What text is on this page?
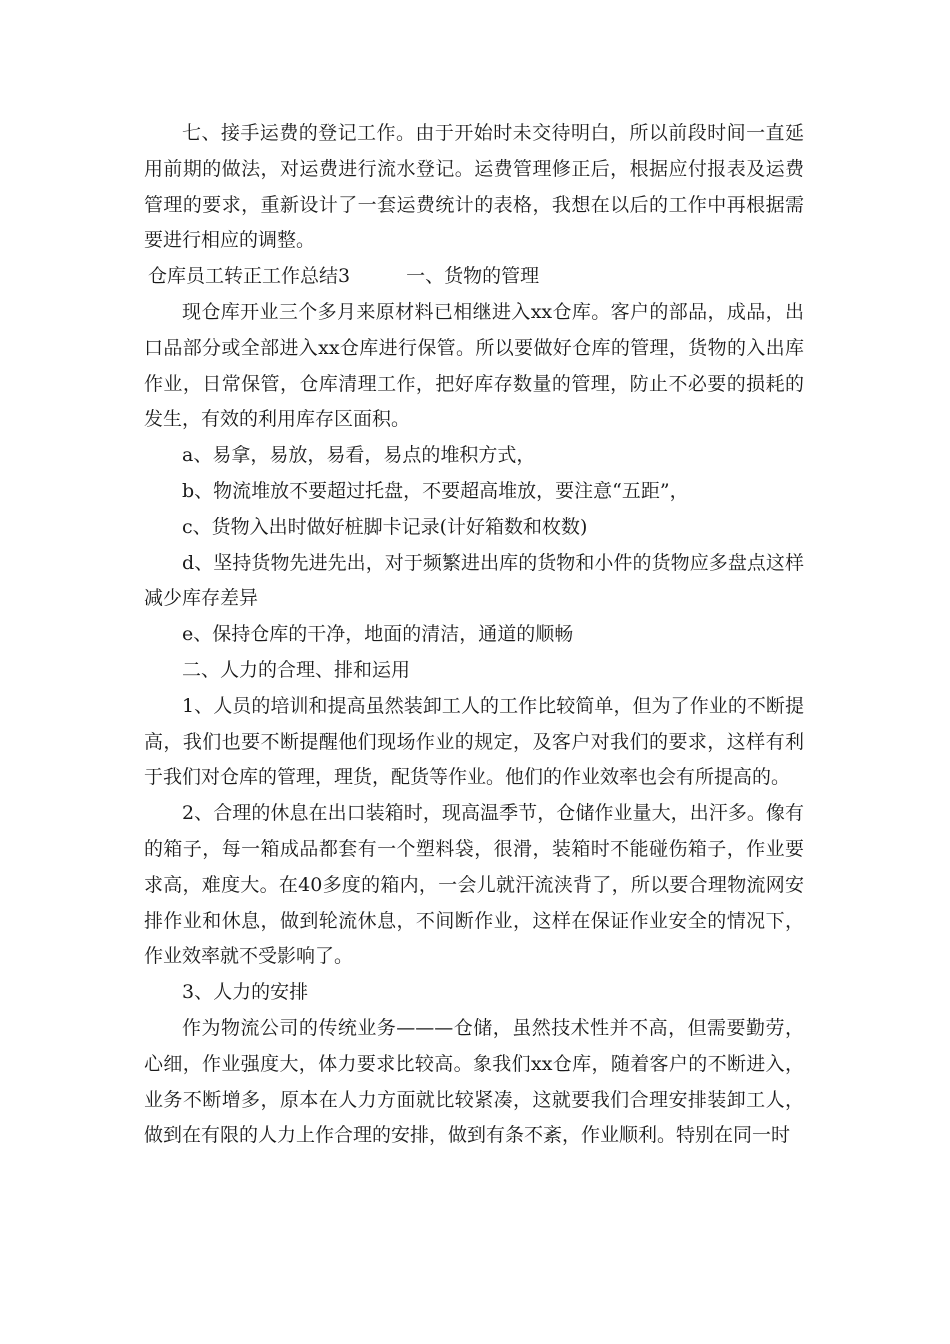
七、接手运费的登记工作。由于开始时未交待明白，所以前段时间一直延用前期的做法，对运费进行流水登记。运费管理修正后，根据应付报表及运费管理的要求，重新设计了一套运费统计的表格，我想在以后的工作中再根据需要进行相应的调整。

仓库员工转正工作总结3	一、货物的管理

现仓库开业三个多月来原材料已相继进入xx仓库。客户的部品，成品，出口品部分或全部进入xx仓库进行保管。所以要做好仓库的管理，货物的入出库作业，日常保管，仓库清理工作，把好库存数量的管理，防止不必要的损耗的发生，有效的利用库存区面积。

a、易拿，易放，易看，易点的堆积方式，

b、物流堆放不要超过托盘，不要超高堆放，要注意“五距”，

c、货物入出时做好桩脚卡记录(计好箱数和枚数)

d、坚持货物先进先出，对于频繁进出库的货物和小件的货物应多盘点这样减少库存差异

e、保持仓库的干净，地面的清洁，通道的顺畅

二、人力的合理、排和运用

1、人员的培训和提高虽然装卸工人的工作比较简单，但为了作业的不断提高，我们也要不断提醒他们现场作业的规定，及客户对我们的要求，这样有利于我们对仓库的管理，理货，配货等作业。他们的作业效率也会有所提高的。

2、合理的休息在出口装箱时，现高温季节，仓储作业量大，出汗多。像有的箱子，每一箱成品都套有一个塑料袋，很滑，装箱时不能碰伤箱子，作业要求高，难度大。在40多度的箱内，一会儿就汗流浃背了，所以要合理物流网安排作业和休息，做到轮流休息，不间断作业，这样在保证作业安全的情况下，作业效率就不受影响了。

3、人力的安排

作为物流公司的传统业务———仓储，虽然技术性并不高，但需要勤劳，心细，作业强度大，体力要求比较高。象我们xx仓库，随着客户的不断进入，业务不断增多，原本在人力方面就比较紧凑，这就要我们合理安排装卸工人，做到在有限的人力上作合理的安排，做到有条不紊，作业顺利。特别在同一时
